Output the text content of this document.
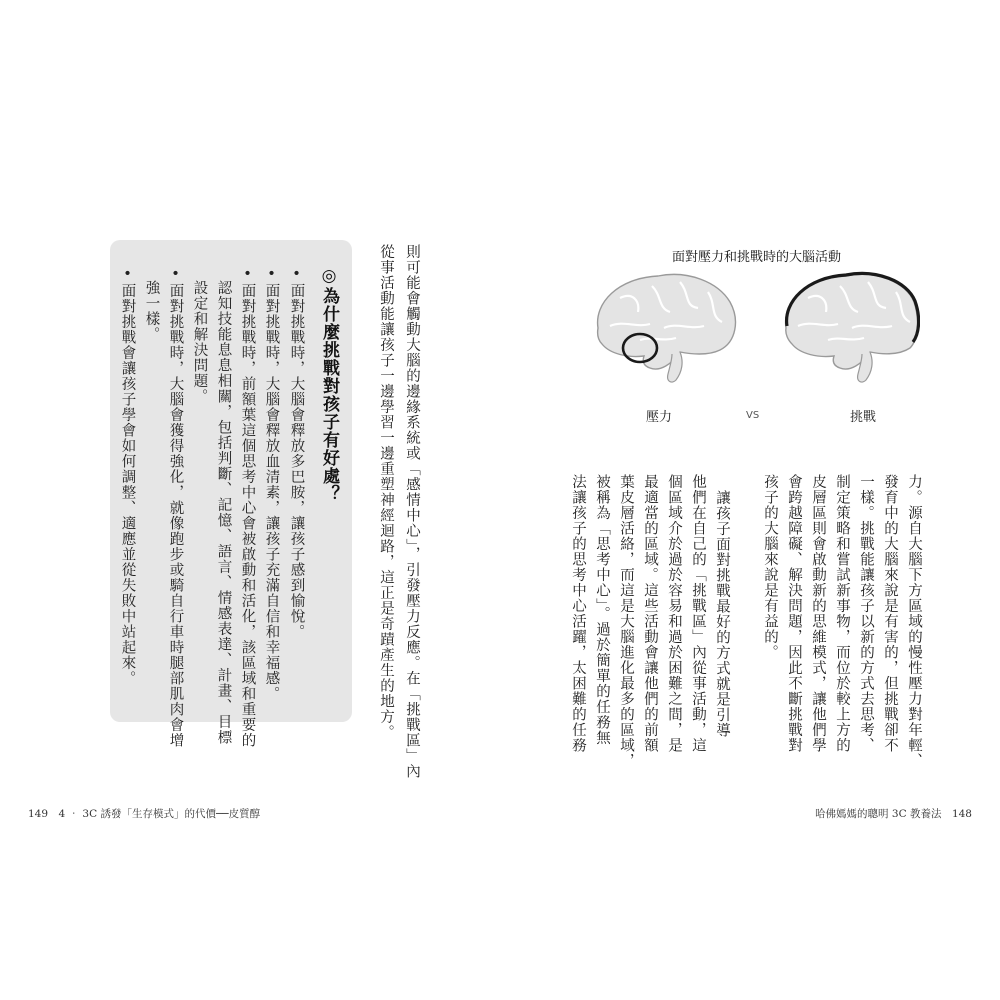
則可能會觸動大腦的邊緣系統或「感情中心」，引發壓力反應。在「挑戰區」內
從事活動能讓孩子一邊學習一邊重塑神經迴路，這正是奇蹟產生的地方。
◎為什麼挑戰對孩子有好處？
•面對挑戰時，大腦會釋放多巴胺，讓孩子感到愉悅。
•面對挑戰時，大腦會釋放血清素，讓孩子充滿自信和幸福感。
•面對挑戰時，前額葉這個思考中心會被啟動和活化，該區域和重要的
認知技能息息相關，包括判斷、記憶、語言、情感表達、計畫、目標
設定和解決問題。
•面對挑戰時，大腦會獲得強化，就像跑步或騎自行車時腿部肌肉會增
強一樣。
•面對挑戰會讓孩子學會如何調整、適應並從失敗中站起來。
149　4 ‧ 3C 誘發「生存模式」的代價──皮質醇
面對壓力和挑戰時的大腦活動
壓力	VS	挑戰
力。源自大腦下方區域的慢性壓力對年輕、
發育中的大腦來說是有害的，但挑戰卻不
一樣。挑戰能讓孩子以新的方式去思考、
制定策略和嘗試新事物，而位於較上方的
皮層區則會啟動新的思維模式，讓他們學
會跨越障礙、解決問題，因此不斷挑戰對
孩子的大腦來說是有益的。
讓孩子面對挑戰最好的方式就是引導
他們在自己的「挑戰區」內從事活動，這
個區域介於過於容易和過於困難之間，是
最適當的區域。這些活動會讓他們的前額
葉皮層活絡，而這是大腦進化最多的區域，
被稱為「思考中心」。過於簡單的任務無
法讓孩子的思考中心活躍，太困難的任務
哈佛媽媽的聰明 3C 教養法　148
